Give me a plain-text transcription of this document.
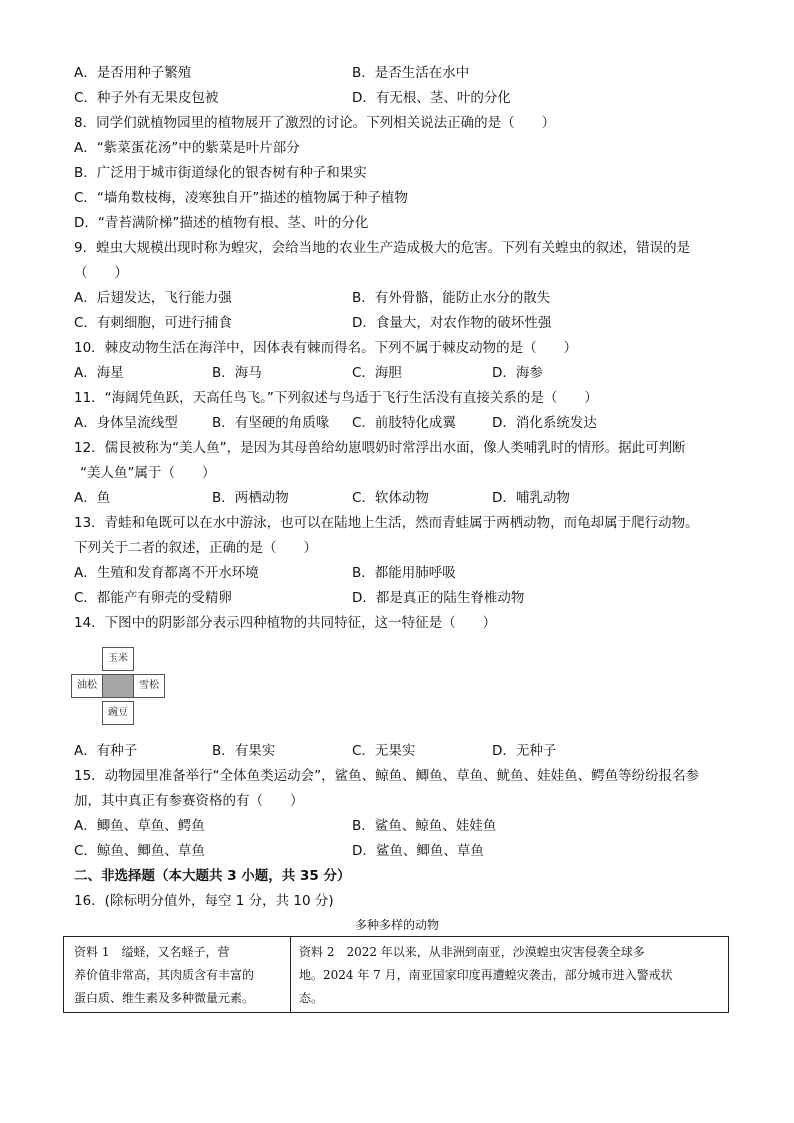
A．是否用种子繁殖	B．是否生活在水中
C．种子外有无果皮包被	D．有无根、茎、叶的分化
8．同学们就植物园里的植物展开了激烈的讨论。下列相关说法正确的是（　　）
A．“紫菜蛋花汤”中的紫菜是叶片部分
B．广泛用于城市街道绿化的银杏树有种子和果实
C．“墙角数枝梅，凌寒独自开”描述的植物属于种子植物
D．“青苔满阶梯”描述的植物有根、茎、叶的分化
9．蝗虫大规模出现时称为蝗灾，会给当地的农业生产造成极大的危害。下列有关蝗虫的叙述，错误的是
（　　）
A．后翅发达，飞行能力强	B．有外骨骼，能防止水分的散失
C．有刺细胞，可进行捕食	D．食量大，对农作物的破坏性强
10．棘皮动物生活在海洋中，因体表有棘而得名。下列不属于棘皮动物的是（　　）
A．海星	B．海马	C．海胆	D．海参
11．“海阔凭鱼跃，天高任鸟飞。”下列叙述与鸟适于飞行生活没有直接关系的是（　　）
A．身体呈流线型	B．有坚硬的角质喙 C．前肢特化成翼	D．消化系统发达
12．儒艮被称为“美人鱼”，是因为其母兽给幼崽喂奶时常浮出水面，像人类哺乳时的情形。据此可判断
“美人鱼”属于（　　）
A．鱼	B．两栖动物	C．软体动物	D．哺乳动物
13．青蛙和龟既可以在水中游泳，也可以在陆地上生活，然而青蛙属于两栖动物，而龟却属于爬行动物。
下列关于二者的叙述，正确的是（　　）
A．生殖和发育都离不开水环境	B．都能用肺呼吸
C．都能产有卵壳的受精卵	D．都是真正的陆生脊椎动物
14．下图中的阴影部分表示四种植物的共同特征，这一特征是（　　）
玉米
油松	雪松
豌豆
A．有种子	B．有果实	C．无果实	D．无种子
15．动物园里准备举行“全体鱼类运动会”，鲨鱼、鲸鱼、鲫鱼、草鱼、鱿鱼、娃娃鱼、鳄鱼等纷纷报名参
加，其中真正有参赛资格的有（　　）
A．鲫鱼、草鱼、鳄鱼	B．鲨鱼、鲸鱼、娃娃鱼
C．鲸鱼、鲫鱼、草鱼	D．鲨鱼、鲫鱼、草鱼
二、非选择题（本大题共 3 小题，共 35 分）
16．(除标明分值外，每空 1 分，共 10 分)
多种多样的动物
资料 1　缢蛏，又名蛏子，营
养价值非常高，其肉质含有丰富的
蛋白质、维生素及多种微量元素。
资料 2　2022 年以来，从非洲到南亚，沙漠蝗虫灾害侵袭全球多
地。2024 年 7 月，南亚国家印度再遭蝗灾袭击，部分城市进入警戒状
态。
